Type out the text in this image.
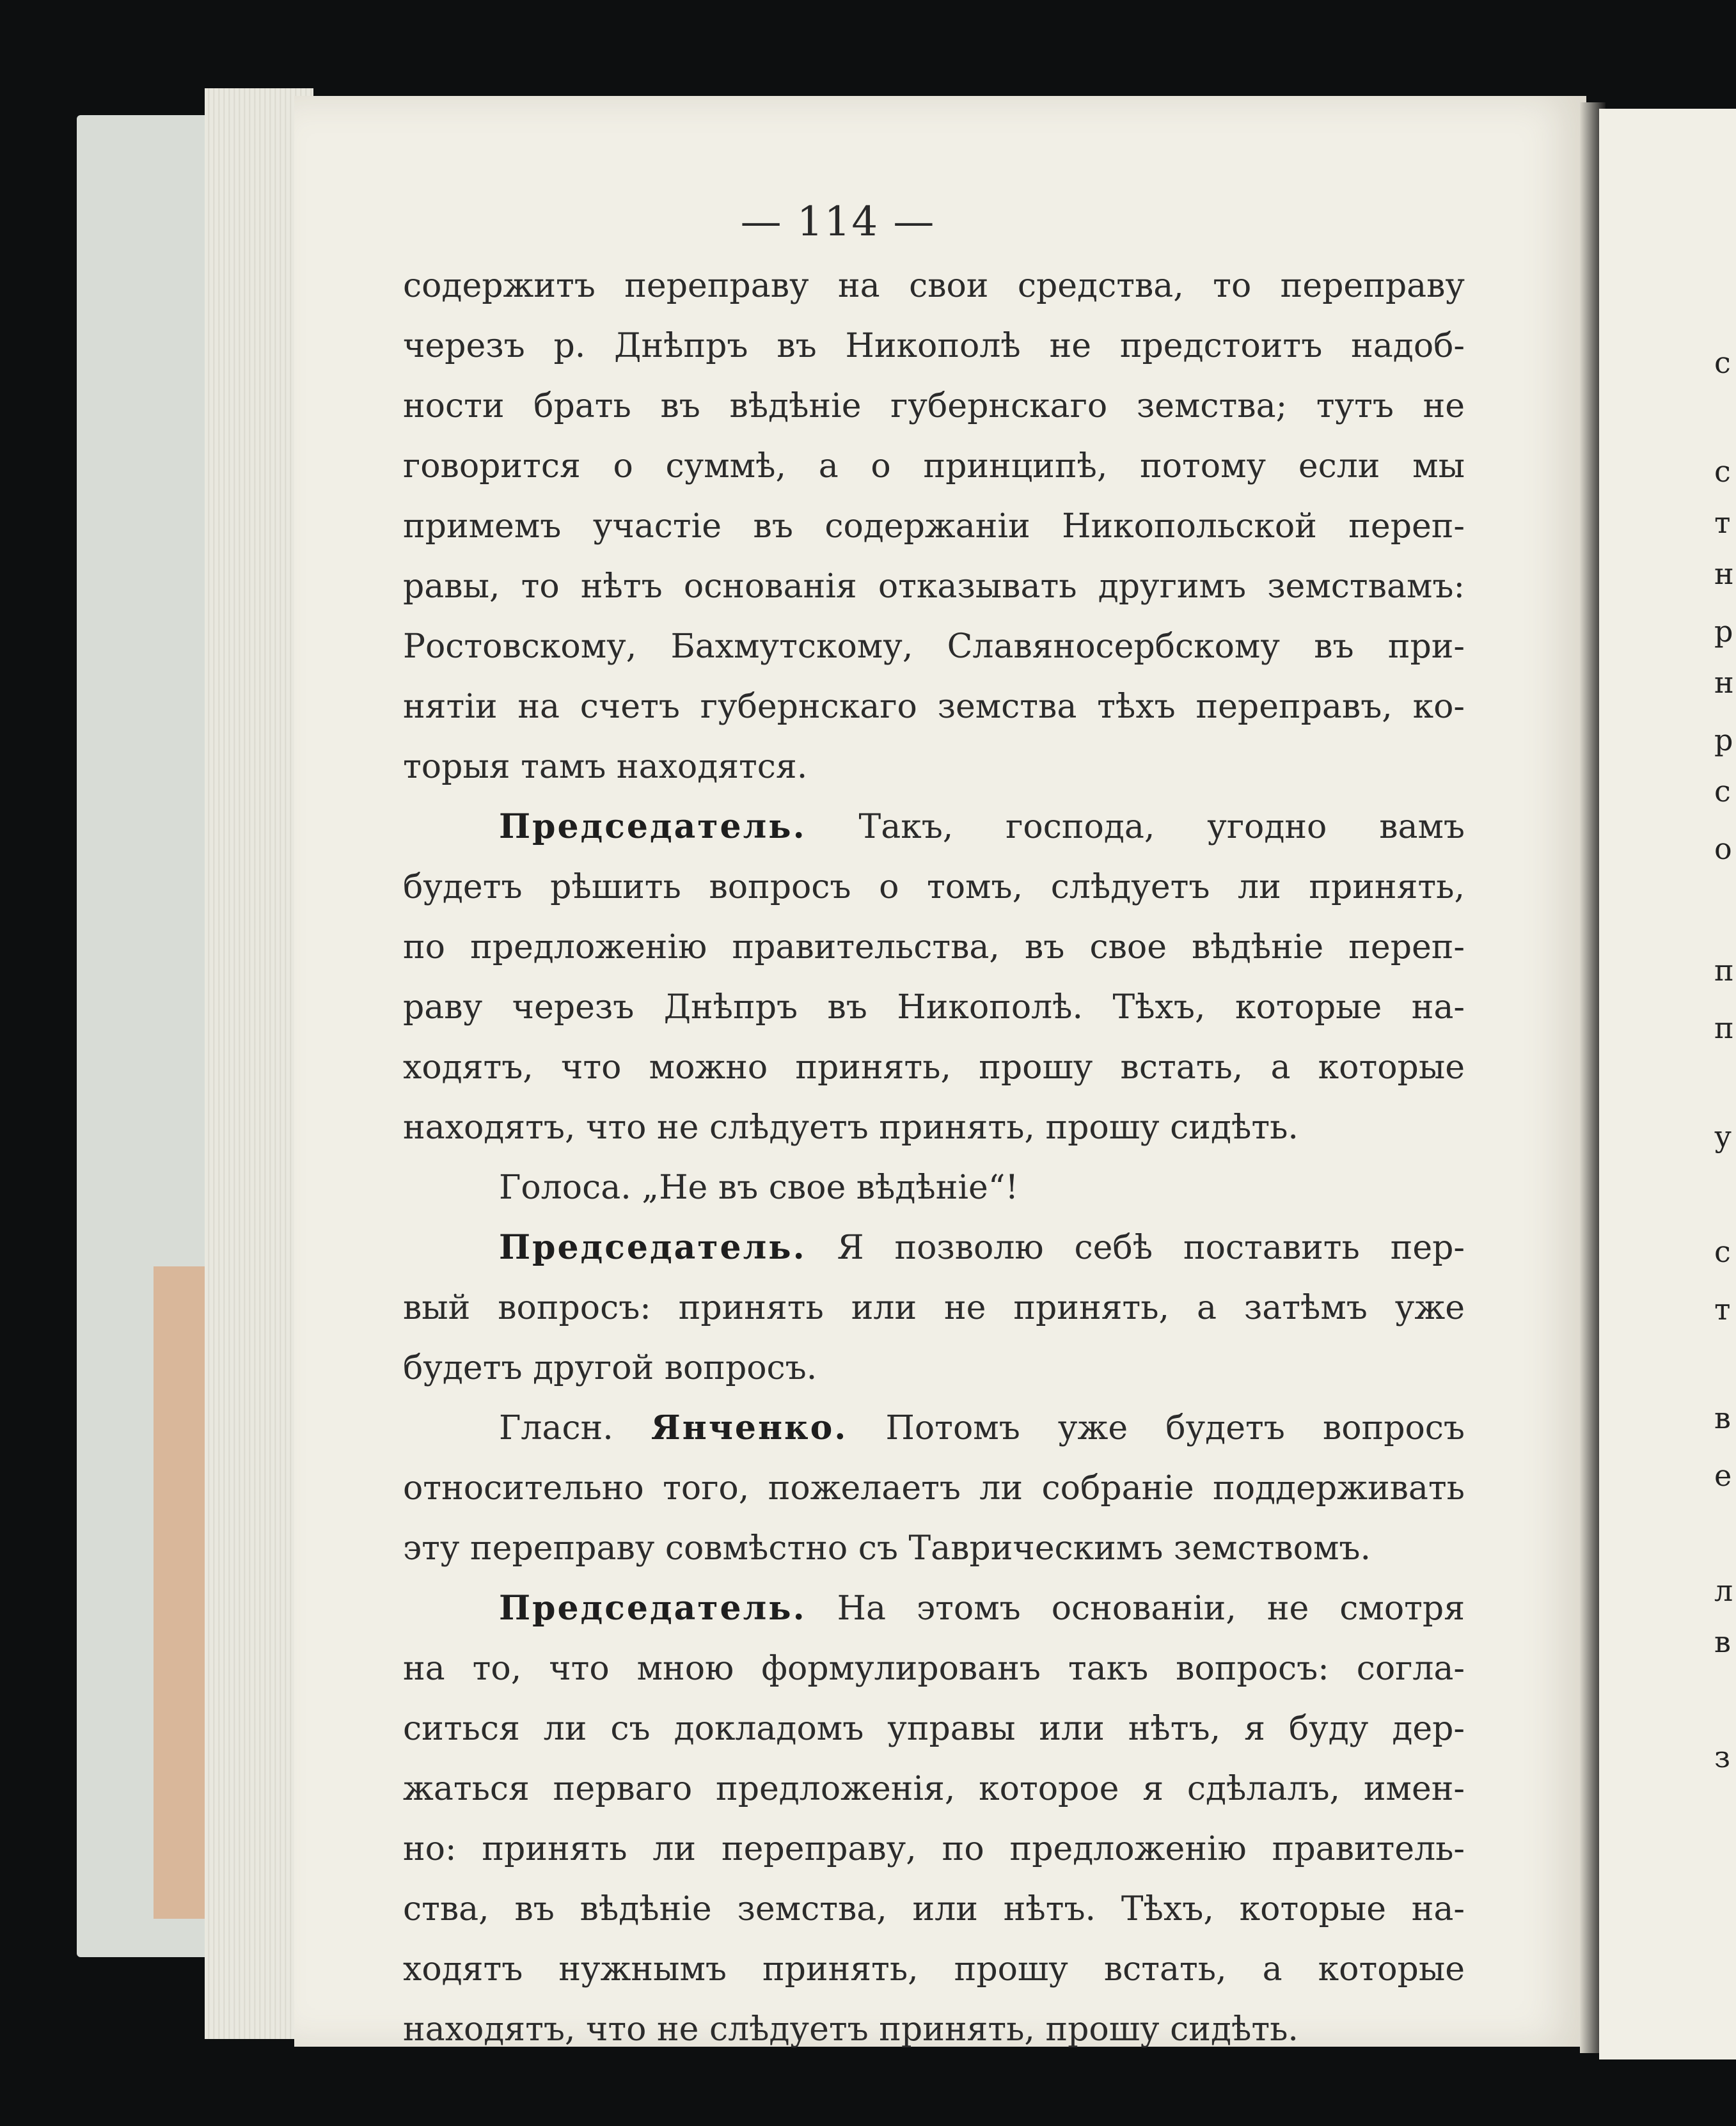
— 114 —
содержитъ переправу на свои средства, то переправу
черезъ р. Днѣпръ въ Никополѣ не предстоитъ надоб-
ности брать въ вѣдѣніе губернскаго земства; тутъ не
говорится о суммѣ, а о принципѣ, потому если мы
примемъ участіе въ содержаніи Никопольской переп-
равы, то нѣтъ основанія отказывать другимъ земствамъ:
Ростовскому, Бахмутскому, Славяносербскому въ при-
нятіи на счетъ губернскаго земства тѣхъ переправъ, ко-
торыя тамъ находятся.
Председатель. Такъ, господа, угодно вамъ
будетъ рѣшить вопросъ о томъ, слѣдуетъ ли принять,
по предложенію правительства, въ свое вѣдѣніе переп-
раву черезъ Днѣпръ въ Никополѣ. Тѣхъ, которые на-
ходятъ, что можно принять, прошу встать, а которые
находятъ, что не слѣдуетъ принять, прошу сидѣть.
Голоса. „Не въ свое вѣдѣніе“!
Председатель. Я позволю себѣ поставить пер-
вый вопросъ: принять или не принять, а затѣмъ уже
будетъ другой вопросъ.
Гласн. Янченко. Потомъ уже будетъ вопросъ
относительно того, пожелаетъ ли собраніе поддерживать
эту переправу совмѣстно съ Таврическимъ земствомъ.
Председатель. На этомъ основаніи, не смотря
на то, что мною формулированъ такъ вопросъ: согла-
ситься ли съ докладомъ управы или нѣтъ, я буду дер-
жаться перваго предложенія, которое я сдѣлалъ, имен-
но: принять ли переправу, по предложенію правитель-
ства, въ вѣдѣніе земства, или нѣтъ. Тѣхъ, которые на-
ходятъ нужнымъ принять, прошу встать, а которые
находятъ, что не слѣдуетъ принять, прошу сидѣть.
с
с
т
н
р
н
р
с
о
п
п
у
с
т
в
е
л
в
з
